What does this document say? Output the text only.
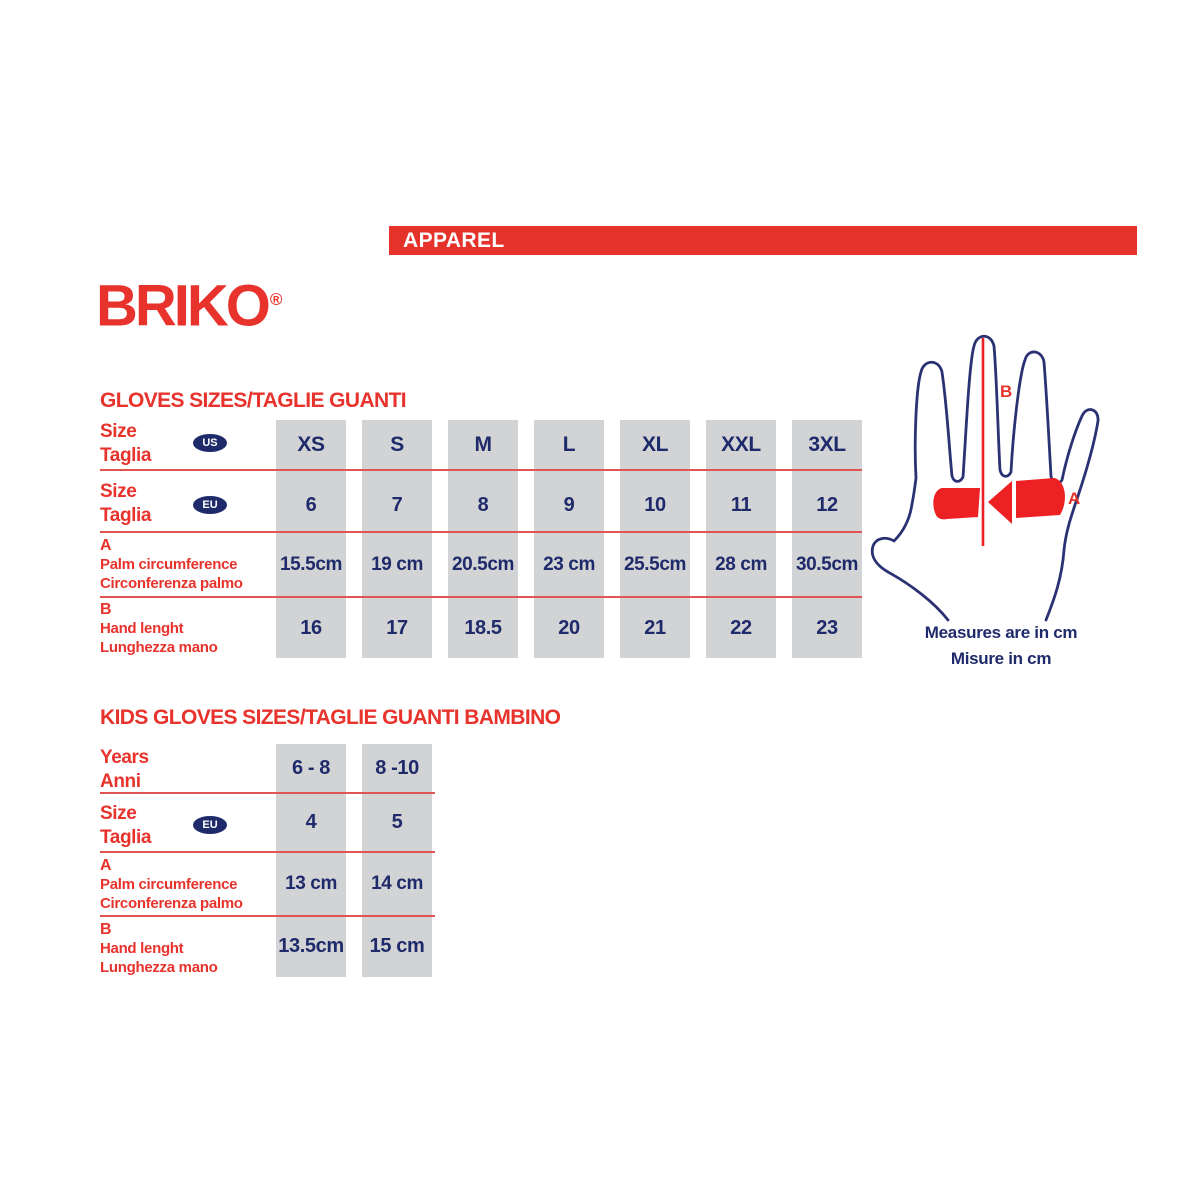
APPAREL
BRIKO ®
GLOVES SIZES/TAGLIE GUANTI
Size
Taglia
US	XS	S	M	L	XL	XXL	3XL
Size
Taglia	EU	6	7	8	9	10	11	12
A
Palm circumference
Circonferenza palmo
15.5cm	19 cm	20.5cm	23 cm	25.5cm	28 cm	30.5cm
B
Hand lenght
Lunghezza mano
16	17	18.5	20	21	22	23
KIDS GLOVES SIZES/TAGLIE GUANTI BAMBINO
Years
Anni
6 - 8	8 -10
Size
Taglia
EU	4	5
A
Palm circumference
Circonferenza palmo
13 cm	14 cm
B
Hand lenght
Lunghezza mano
13.5cm	15 cm
B
A
Measures are in cm
Misure in cm
